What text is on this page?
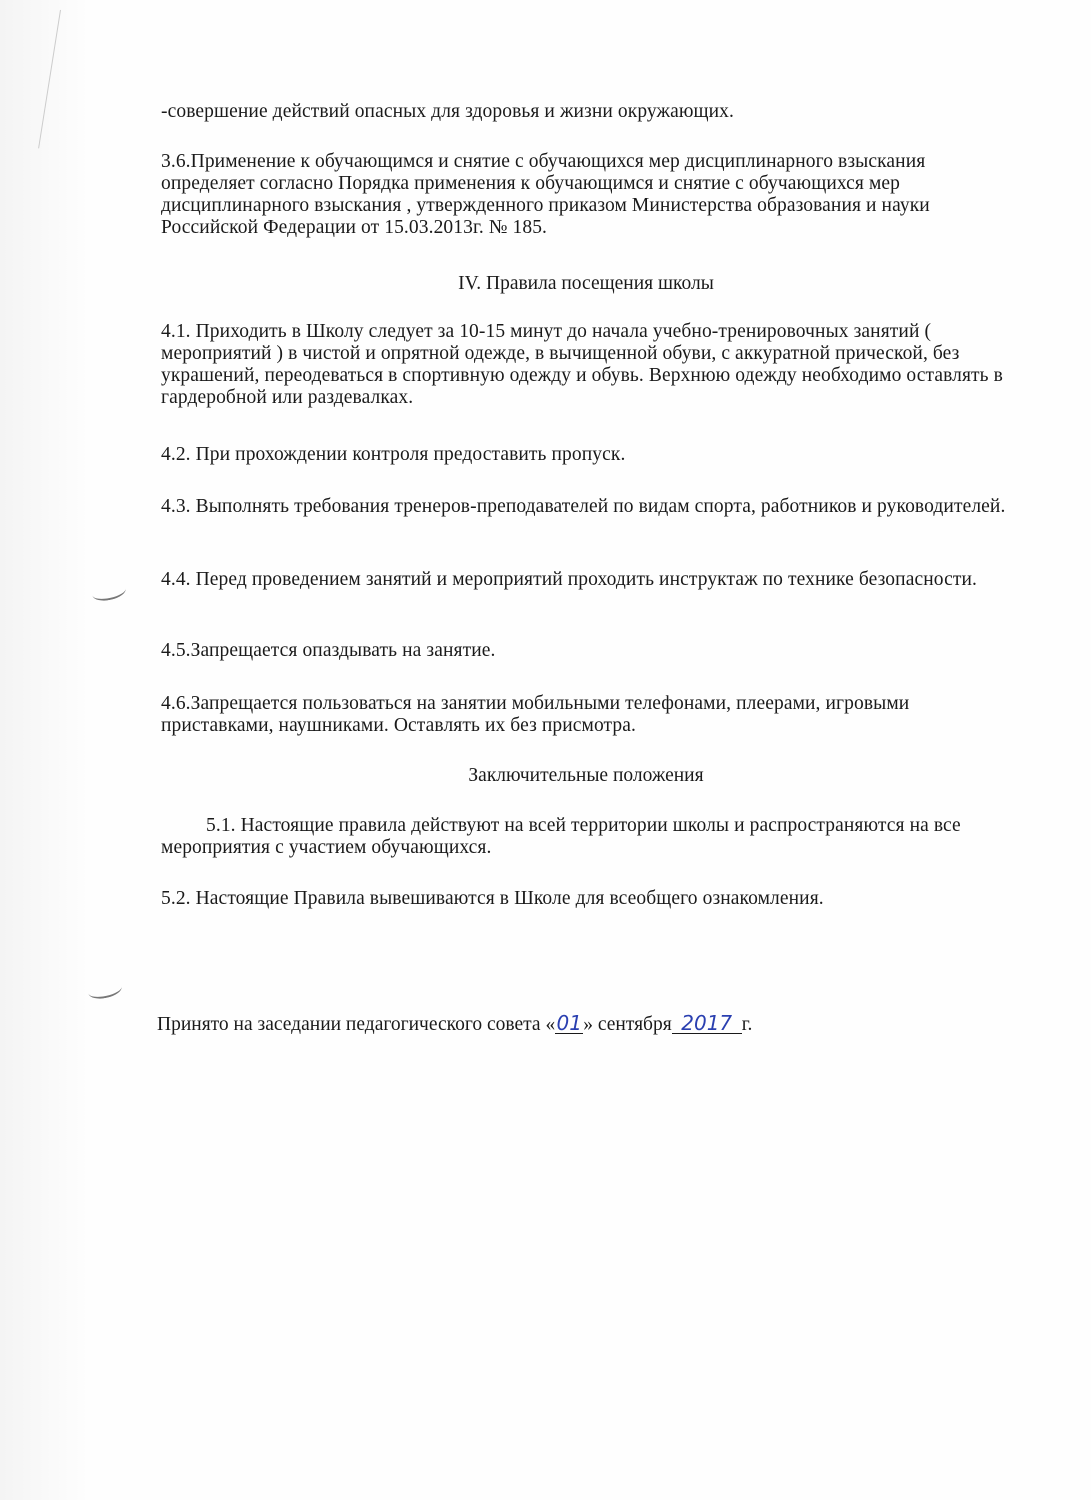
-совершение действий опасных для здоровья и жизни окружающих.

3.6.Применение к обучающимся и снятие с обучающихся мер дисциплинарного взыскания определяет согласно Порядка применения к обучающимся и снятие с обучающихся мер дисциплинарного взыскания , утвержденного приказом Министерства образования и науки Российской Федерации от 15.03.2013г. № 185.

IV. Правила посещения школы

4.1. Приходить в Школу следует за 10-15 минут до начала учебно-тренировочных занятий ( мероприятий ) в чистой и опрятной одежде, в вычищенной обуви, с аккуратной прической, без украшений, переодеваться в спортивную одежду и обувь. Верхнюю одежду необходимо оставлять в гардеробной или раздевалках.

4.2. При прохождении контроля предоставить пропуск.

4.3. Выполнять требования тренеров-преподавателей по видам спорта, работников и руководителей.

4.4. Перед проведением занятий и мероприятий проходить инструктаж по технике безопасности.

4.5.Запрещается опаздывать на занятие.

4.6.Запрещается пользоваться на занятии мобильными телефонами, плеерами, игровыми приставками, наушниками. Оставлять их без присмотра.

Заключительные положения

5.1. Настоящие правила действуют на всей территории школы и распространяются на все мероприятия с участием обучающихся.

5.2. Настоящие Правила вывешиваются в Школе для всеобщего ознакомления.

Принято на заседании педагогического совета «01» сентября 2017 г.
